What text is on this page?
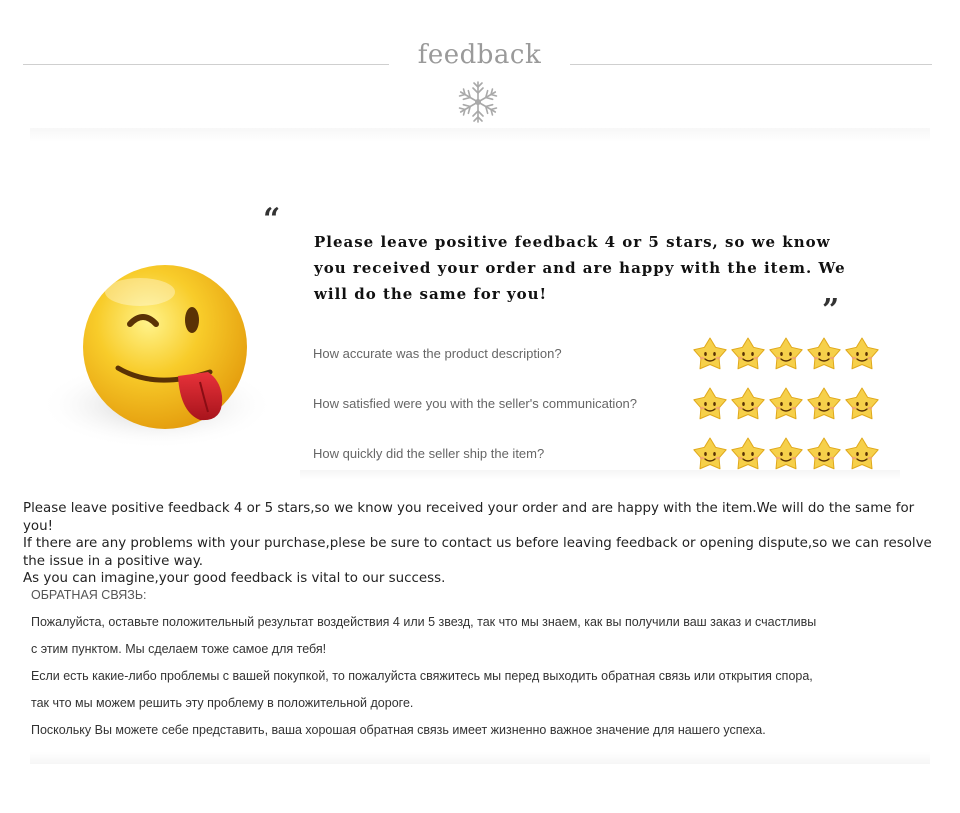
feedback
“
Please leave positive feedback 4 or 5 stars, so we know
you received your order and are happy with the item. We
will do the same for you!	”
How accurate was the product description?
How satisfied were you with the seller's communication?
How quickly did the seller ship the item?

Please leave positive feedback 4 or 5 stars,so we know you received your order and are happy with the item.We will do the same for you!

If there are any problems with your purchase,plese be sure to contact us before leaving feedback or opening dispute,so we can resolve the issue in a positive way.

As you can imagine,your good feedback is vital to our success.

ОБРАТНАЯ СВЯЗЬ:
Пожалуйста, оставьте положительный результат воздействия 4 или 5 звезд, так что мы знаем, как вы получили ваш заказ и счастливы
с этим пунктом. Мы сделаем тоже самое для тебя!
Если есть какие-либо проблемы с вашей покупкой, то пожалуйста свяжитесь мы перед выходить обратная связь или открытия спора,
так что мы можем решить эту проблему в положительной дороге.
Поскольку Вы можете себе представить, ваша хорошая обратная связь имеет жизненно важное значение для нашего успеха.
